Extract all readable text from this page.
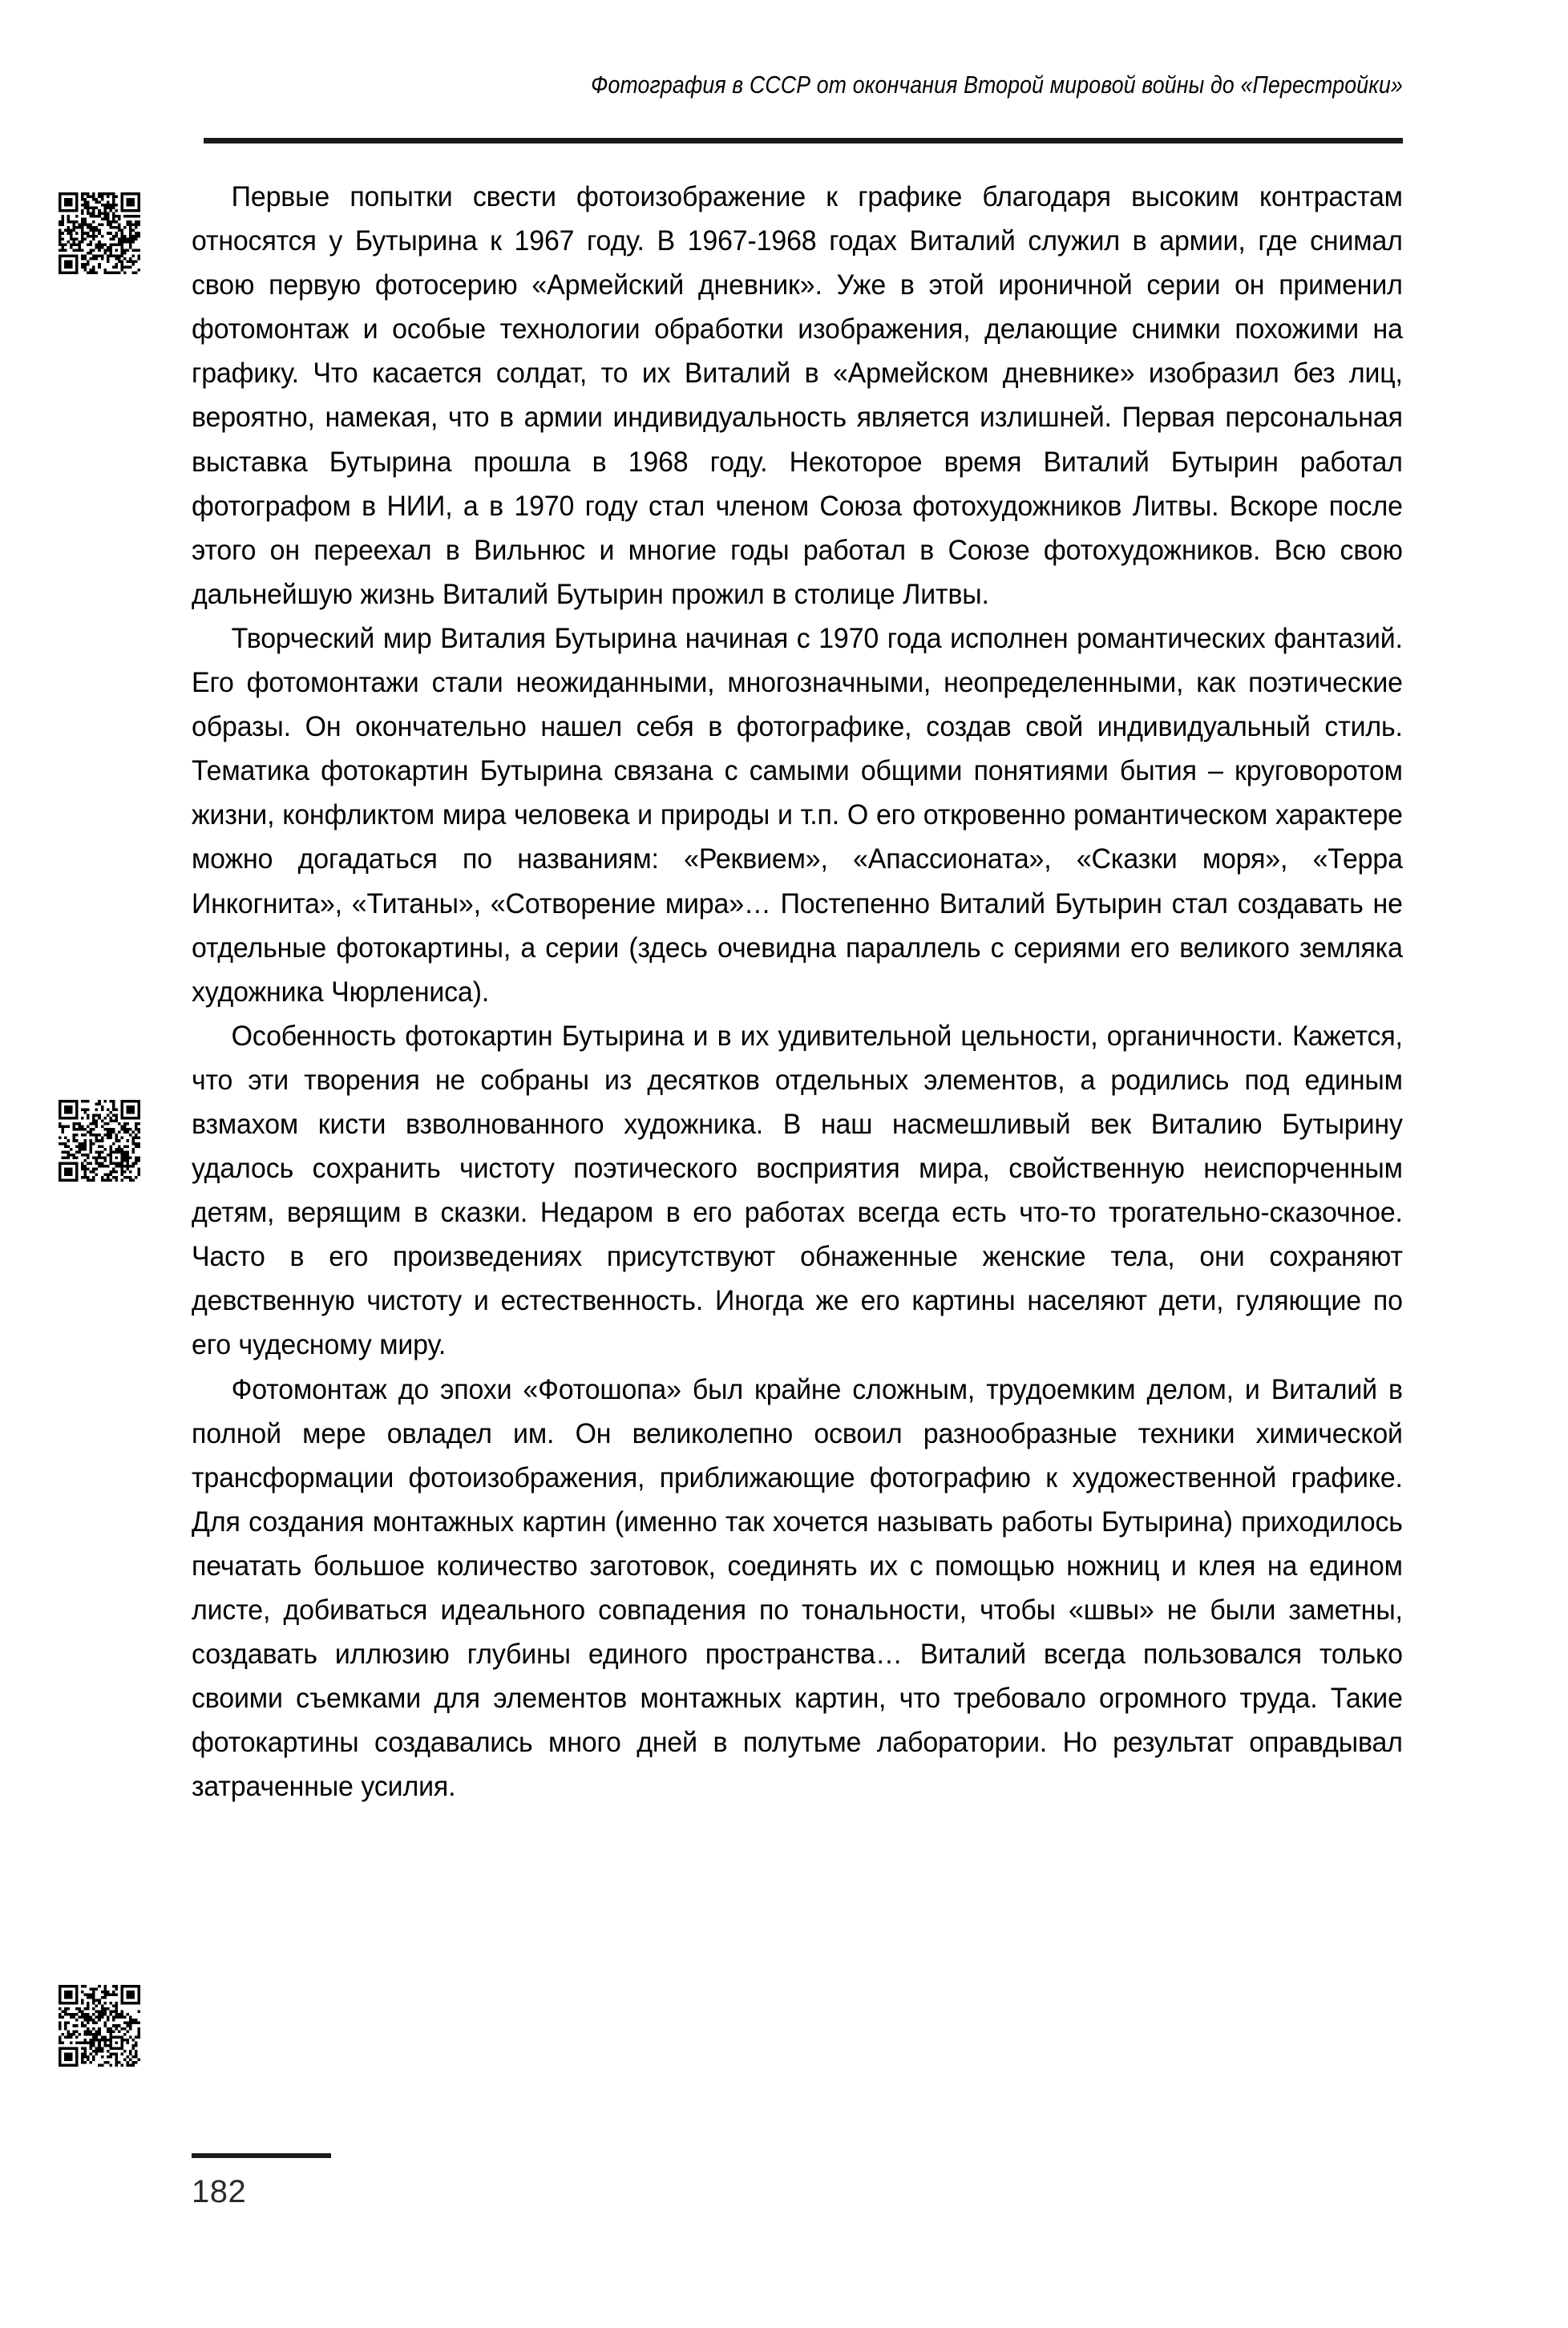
Фотография в СССР от окончания Второй мировой войны до «Перестройки»

Первые попытки свести фотоизображение к графике благодаря высоким контрастам относятся у Бутырина к 1967 году. В 1967-1968 годах Виталий служил в армии, где снимал свою первую фотосерию «Армейский дневник». Уже в этой ироничной серии он применил фотомонтаж и особые технологии обработки изображения, делающие снимки похожими на графику. Что касается солдат, то их Виталий в «Армейском дневнике» изобразил без лиц, вероятно, намекая, что в армии индивидуальность является излишней. Первая персональная выставка Бутырина прошла в 1968 году. Некоторое время Виталий Бутырин работал фотографом в НИИ, а в 1970 году стал членом Союза фотохудожников Литвы. Вскоре после этого он переехал в Вильнюс и многие годы работал в Союзе фотохудожников. Всю свою дальнейшую жизнь Виталий Бутырин прожил в столице Литвы.

Творческий мир Виталия Бутырина начиная с 1970 года исполнен романтических фантазий. Его фотомонтажи стали неожиданными, многозначными, неопределенными, как поэтические образы. Он окончательно нашел себя в фотографике, создав свой индивидуальный стиль. Тематика фотокартин Бутырина связана с самыми общими понятиями бытия – круговоротом жизни, конфликтом мира человека и природы и т.п. О его откровенно романтическом характере можно догадаться по названиям: «Реквием», «Апассионата», «Сказки моря», «Терра Инкогнита», «Титаны», «Сотворение мира»… Постепенно Виталий Бутырин стал создавать не отдельные фотокартины, а серии (здесь очевидна параллель с сериями его великого земляка художника Чюрлениса).

Особенность фотокартин Бутырина и в их удивительной цельности, органичности. Кажется, что эти творения не собраны из десятков отдельных элементов, а родились под единым взмахом кисти взволнованного художника. В наш насмешливый век Виталию Бутырину удалось сохранить чистоту поэтического восприятия мира, свойственную неиспорченным детям, верящим в сказки. Недаром в его работах всегда есть что-то трогательно-сказочное. Часто в его произведениях присутствуют обнаженные женские тела, они сохраняют девственную чистоту и естественность. Иногда же его картины населяют дети, гуляющие по его чудесному миру.

Фотомонтаж до эпохи «Фотошопа» был крайне сложным, трудоемким делом, и Виталий в полной мере овладел им. Он великолепно освоил разнообразные техники химической трансформации фотоизображения, приближающие фотографию к художественной графике. Для создания монтажных картин (именно так хочется называть работы Бутырина) приходилось печатать большое количество заготовок, соединять их с помощью ножниц и клея на едином листе, добиваться идеального совпадения по тональности, чтобы «швы» не были заметны, создавать иллюзию глубины единого пространства… Виталий всегда пользовался только своими съемками для элементов монтажных картин, что требовало огромного труда. Такие фотокартины создавались много дней в полутьме лаборатории. Но результат оправдывал затраченные усилия.

182
